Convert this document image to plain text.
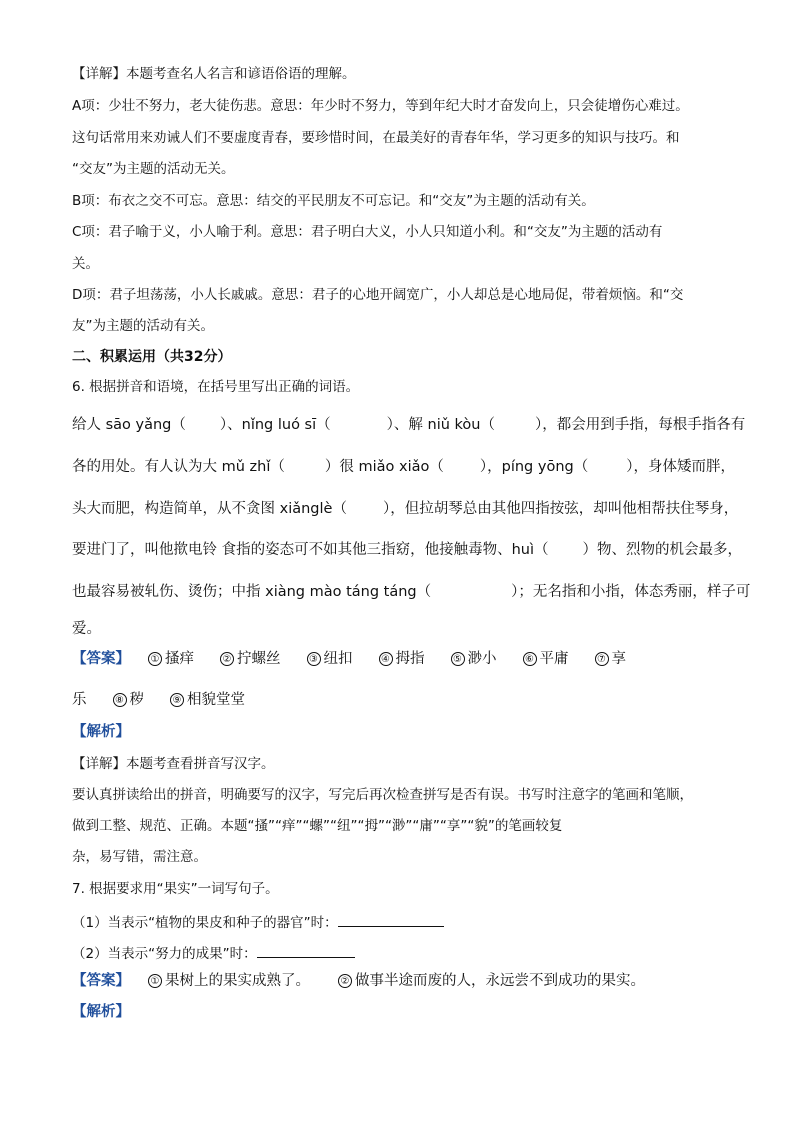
【详解】本题考查名人名言和谚语俗语的理解。
A项：少壮不努力，老大徒伤悲。意思：年少时不努力，等到年纪大时才奋发向上，只会徒增伤心难过。
这句话常用来劝诫人们不要虚度青春，要珍惜时间，在最美好的青春年华，学习更多的知识与技巧。和
“交友”为主题的活动无关。
B项：布衣之交不可忘。意思：结交的平民朋友不可忘记。和“交友”为主题的活动有关。
C项：君子喻于义，小人喻于利。意思：君子明白大义，小人只知道小利。和“交友”为主题的活动有
关。
D项：君子坦荡荡，小人长戚戚。意思：君子的心地开阔宽广，小人却总是心地局促，带着烦恼。和“交
友”为主题的活动有关。
二、积累运用（共32分）
6. 根据拼音和语境，在括号里写出正确的词语。
给人 sāo yǎng（ ）、nǐng luó sī（	）、解 niǔ kòu（	），都会用到手指，每根手指各有
各的用处。有人认为大 mǔ zhǐ（	）很 miǎo xiǎo（ ），píng yōng（	），身体矮而胖，
头大而肥，构造简单，从不贪图 xiǎnglè（ ），但拉胡琴总由其他四指按弦，却叫他相帮扶住琴身，
要进门了，叫他揿电铃 食指的姿态可不如其他三指窈，他接触毒物、huì（ ）物、烈物的机会最多，
也最容易被轧伤、烫伤；中指 xiàng mào táng táng（	）；无名指和小指，体态秀丽，样子可
爱。
【答案】 ① 搔痒	② 拧螺丝	③ 纽扣	④ 拇指	⑤ 渺小	⑥ 平庸	⑦ 享
乐	⑧ 秽	⑨ 相貌堂堂
【解析】
【详解】本题考查看拼音写汉字。
要认真拼读给出的拼音，明确要写的汉字，写完后再次检查拼写是否有误。书写时注意字的笔画和笔顺，
做到工整、规范、正确。本题“搔”“痒”“螺”“纽”“拇”“渺”“庸”“享”“貌”的笔画较复
杂，易写错，需注意。
7. 根据要求用“果实”一词写句子。
（1）当表示“植物的果皮和种子的器官”时：
（2）当表示“努力的成果”时：
【答案】 ① 果树上的果实成熟了。	② 做事半途而废的人，永远尝不到成功的果实。
【解析】
